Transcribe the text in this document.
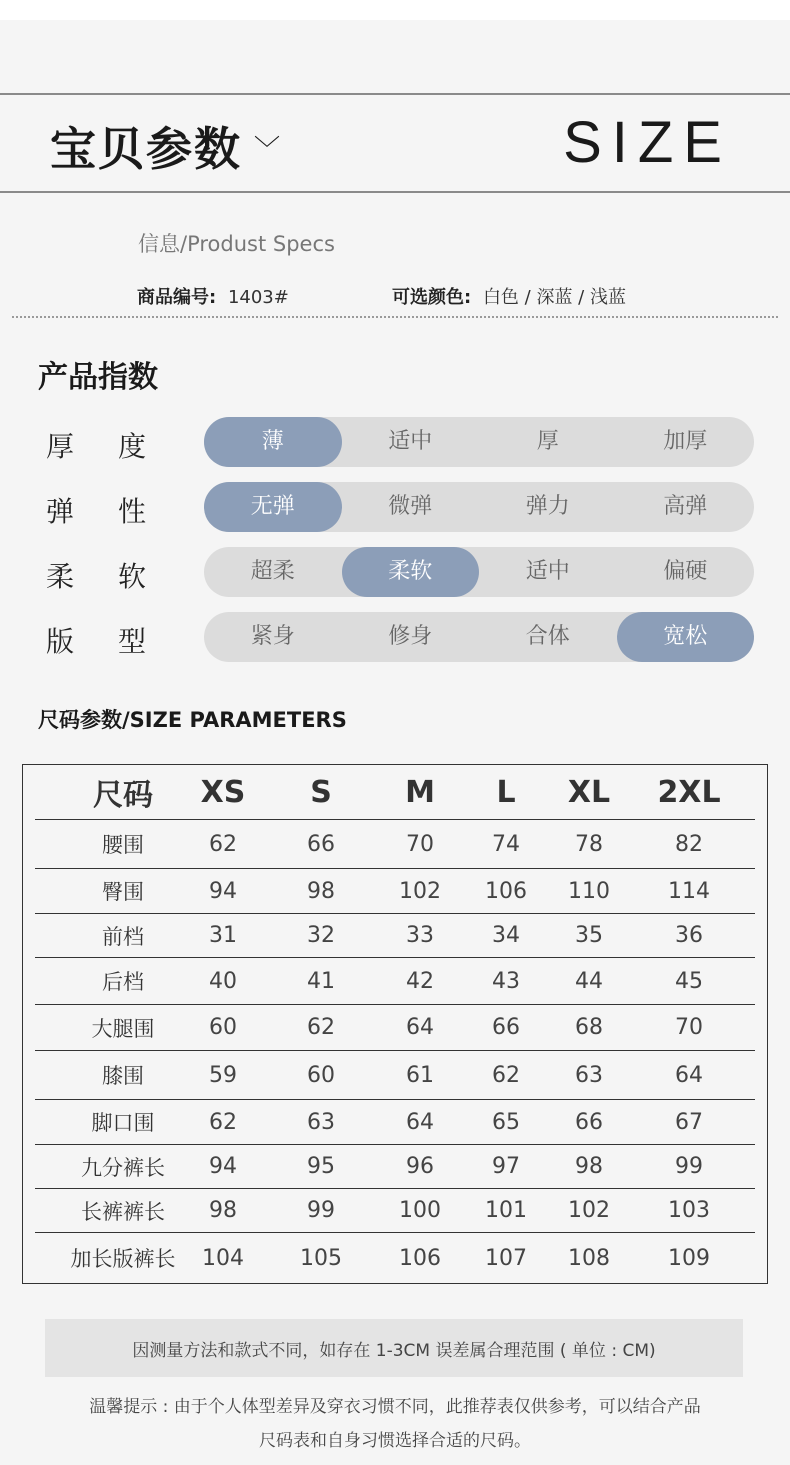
宝贝参数 ﹀	SIZE
信息/Produst Specs
商品编号: 1403#	可选颜色: 白色 / 深蓝 / 浅蓝
产品指数
厚 度	薄	适中	厚	加厚
弹 性	无弹	微弹	弹力	高弹
柔 软	超柔	柔软	适中	偏硬
版 型	紧身	修身	合体	宽松
尺码参数/SIZE PARAMETERS
尺码	XS	S	M	L	XL	2XL
腰围	62	66	70	74	78	82
臀围	94	98	102	106	110	114
前档	31	32	33	34	35	36
后档	40	41	42	43	44	45
大腿围	60	62	64	66	68	70
膝围	59	60	61	62	63	64
脚口围	62	63	64	65	66	67
九分裤长	94	95	96	97	98	99
长裤裤长	98	99	100	101	102	103
加长版裤长	104	105	106	107	108	109
因测量方法和款式不同，如存在 1-3CM 误差属合理范围 ( 单位 : CM)
温馨提示 : 由于个人体型差异及穿衣习惯不同，此推荐表仅供参考，可以结合产品
尺码表和自身习惯选择合适的尺码。
